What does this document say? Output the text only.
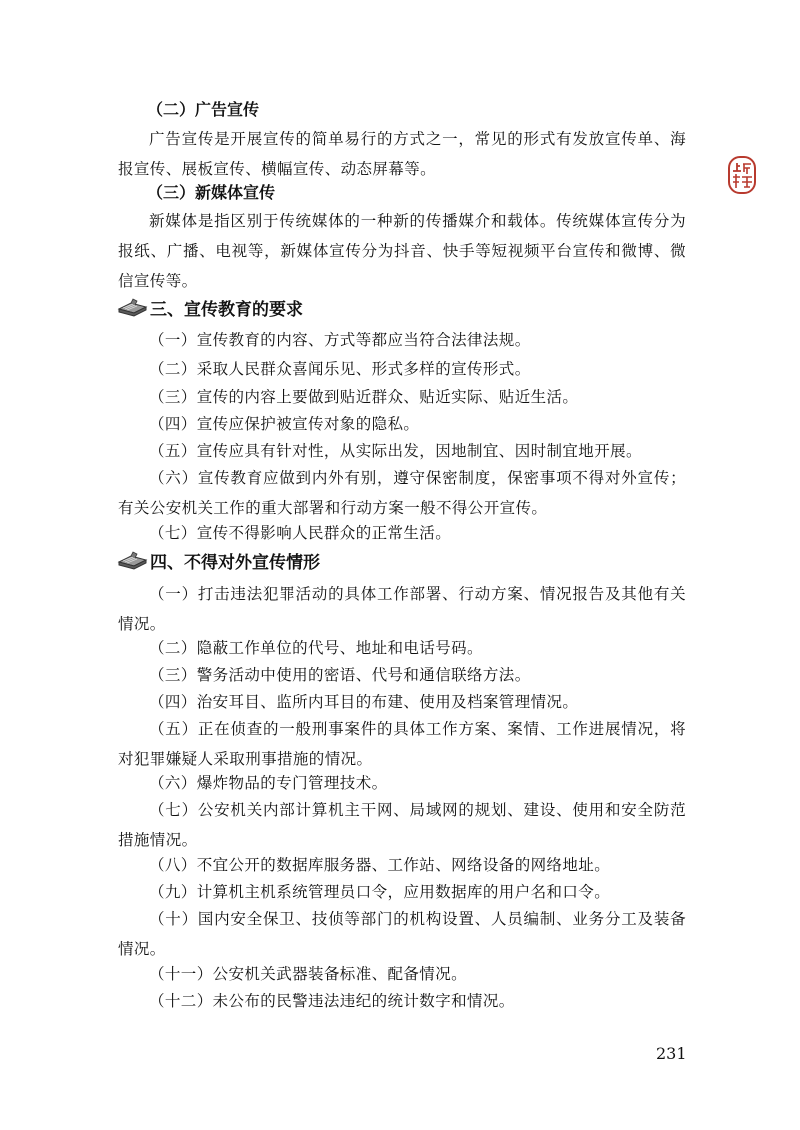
（二）广告宣传
广告宣传是开展宣传的简单易行的方式之一，常见的形式有发放宣传单、海报宣传、展板宣传、横幅宣传、动态屏幕等。
（三）新媒体宣传
新媒体是指区别于传统媒体的一种新的传播媒介和载体。传统媒体宣传分为报纸、广播、电视等，新媒体宣传分为抖音、快手等短视频平台宣传和微博、微信宣传等。
三、宣传教育的要求
（一）宣传教育的内容、方式等都应当符合法律法规。
（二）采取人民群众喜闻乐见、形式多样的宣传形式。
（三）宣传的内容上要做到贴近群众、贴近实际、贴近生活。
（四）宣传应保护被宣传对象的隐私。
（五）宣传应具有针对性，从实际出发，因地制宜、因时制宜地开展。
（六）宣传教育应做到内外有别，遵守保密制度，保密事项不得对外宣传；有关公安机关工作的重大部署和行动方案一般不得公开宣传。
（七）宣传不得影响人民群众的正常生活。
四、不得对外宣传情形
（一）打击违法犯罪活动的具体工作部署、行动方案、情况报告及其他有关情况。
（二）隐蔽工作单位的代号、地址和电话号码。
（三）警务活动中使用的密语、代号和通信联络方法。
（四）治安耳目、监所内耳目的布建、使用及档案管理情况。
（五）正在侦查的一般刑事案件的具体工作方案、案情、工作进展情况，将对犯罪嫌疑人采取刑事措施的情况。
（六）爆炸物品的专门管理技术。
（七）公安机关内部计算机主干网、局域网的规划、建设、使用和安全防范措施情况。
（八）不宜公开的数据库服务器、工作站、网络设备的网络地址。
（九）计算机主机系统管理员口令，应用数据库的用户名和口令。
（十）国内安全保卫、技侦等部门的机构设置、人员编制、业务分工及装备情况。
（十一）公安机关武器装备标准、配备情况。
（十二）未公布的民警违法违纪的统计数字和情况。
231
